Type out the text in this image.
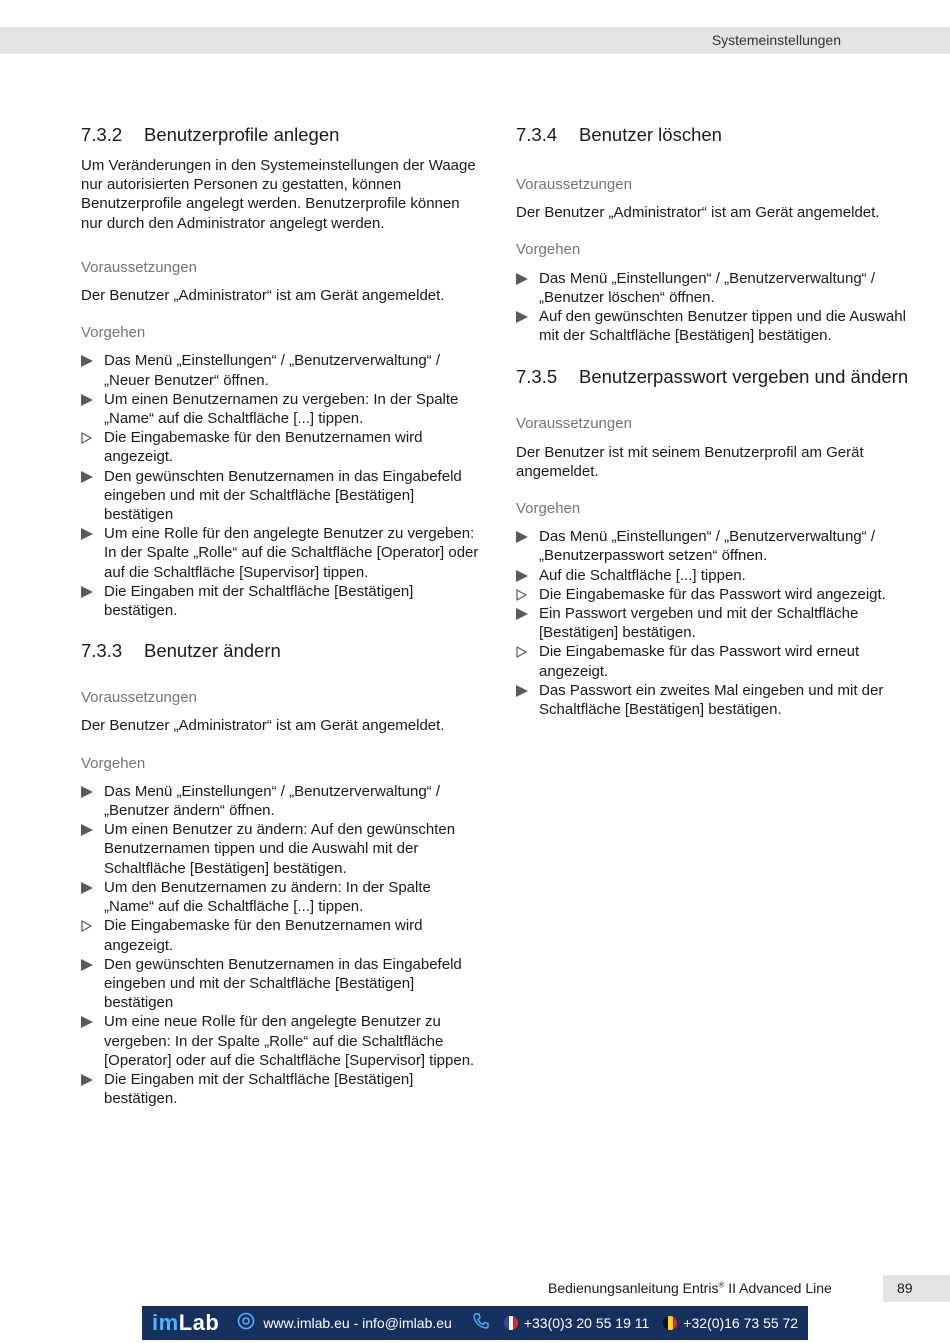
Systemeinstellungen
7.3.2	Benutzerprofile anlegen

Um Veränderungen in den Systemeinstellungen der Waage nur autorisierten Personen zu gestatten, können Benutzerprofile angelegt werden. Benutzerprofile können nur durch den Administrator angelegt werden.

Voraussetzungen

Der Benutzer „Administrator“ ist am Gerät angemeldet.

Vorgehen

Das Menü „Einstellungen“ / „Benutzerverwaltung“ / „Neuer Benutzer“ öffnen.
Um einen Benutzernamen zu vergeben: In der Spalte „Name“ auf die Schaltfläche [...] tippen.
Die Eingabemaske für den Benutzernamen wird angezeigt.
Den gewünschten Benutzernamen in das Eingabefeld eingeben und mit der Schaltfläche [Bestätigen] bestätigen
Um eine Rolle für den angelegte Benutzer zu vergeben: In der Spalte „Rolle“ auf die Schaltfläche [Operator] oder auf die Schaltfläche [Supervisor] tippen.
Die Eingaben mit der Schaltfläche [Bestätigen] bestätigen.
7.3.3	Benutzer ändern

Voraussetzungen

Der Benutzer „Administrator“ ist am Gerät angemeldet.

Vorgehen

Das Menü „Einstellungen“ / „Benutzerverwaltung“ / „Benutzer ändern“ öffnen.
Um einen Benutzer zu ändern: Auf den gewünschten Benutzernamen tippen und die Auswahl mit der Schaltfläche [Bestätigen] bestätigen.
Um den Benutzernamen zu ändern: In der Spalte „Name“ auf die Schaltfläche [...] tippen.
Die Eingabemaske für den Benutzernamen wird angezeigt.
Den gewünschten Benutzernamen in das Eingabefeld eingeben und mit der Schaltfläche [Bestätigen] bestätigen
Um eine neue Rolle für den angelegte Benutzer zu vergeben: In der Spalte „Rolle“ auf die Schaltfläche [Operator] oder auf die Schaltfläche [Supervisor] tippen.
Die Eingaben mit der Schaltfläche [Bestätigen] bestätigen.
7.3.4	Benutzer löschen

Voraussetzungen

Der Benutzer „Administrator“ ist am Gerät angemeldet.

Vorgehen

Das Menü „Einstellungen“ / „Benutzerverwaltung“ / „Benutzer löschen“ öffnen.
Auf den gewünschten Benutzer tippen und die Auswahl mit der Schaltfläche [Bestätigen] bestätigen.
7.3.5	Benutzerpasswort vergeben und ändern

Voraussetzungen

Der Benutzer ist mit seinem Benutzerprofil am Gerät angemeldet.

Vorgehen

Das Menü „Einstellungen“ / „Benutzerverwaltung“ / „Benutzerpasswort setzen“ öffnen.
Auf die Schaltfläche [...] tippen.
Die Eingabemaske für das Passwort wird angezeigt.
Ein Passwort vergeben und mit der Schaltfläche [Bestätigen] bestätigen.
Die Eingabemaske für das Passwort wird erneut angezeigt.
Das Passwort ein zweites Mal eingeben und mit der Schaltfläche [Bestätigen] bestätigen.
Bedienungsanleitung Entris® II Advanced Line	89
imLab	www.imlab.eu - info@imlab.eu	+33(0)3 20 55 19 11 +32(0)16 73 55 72
